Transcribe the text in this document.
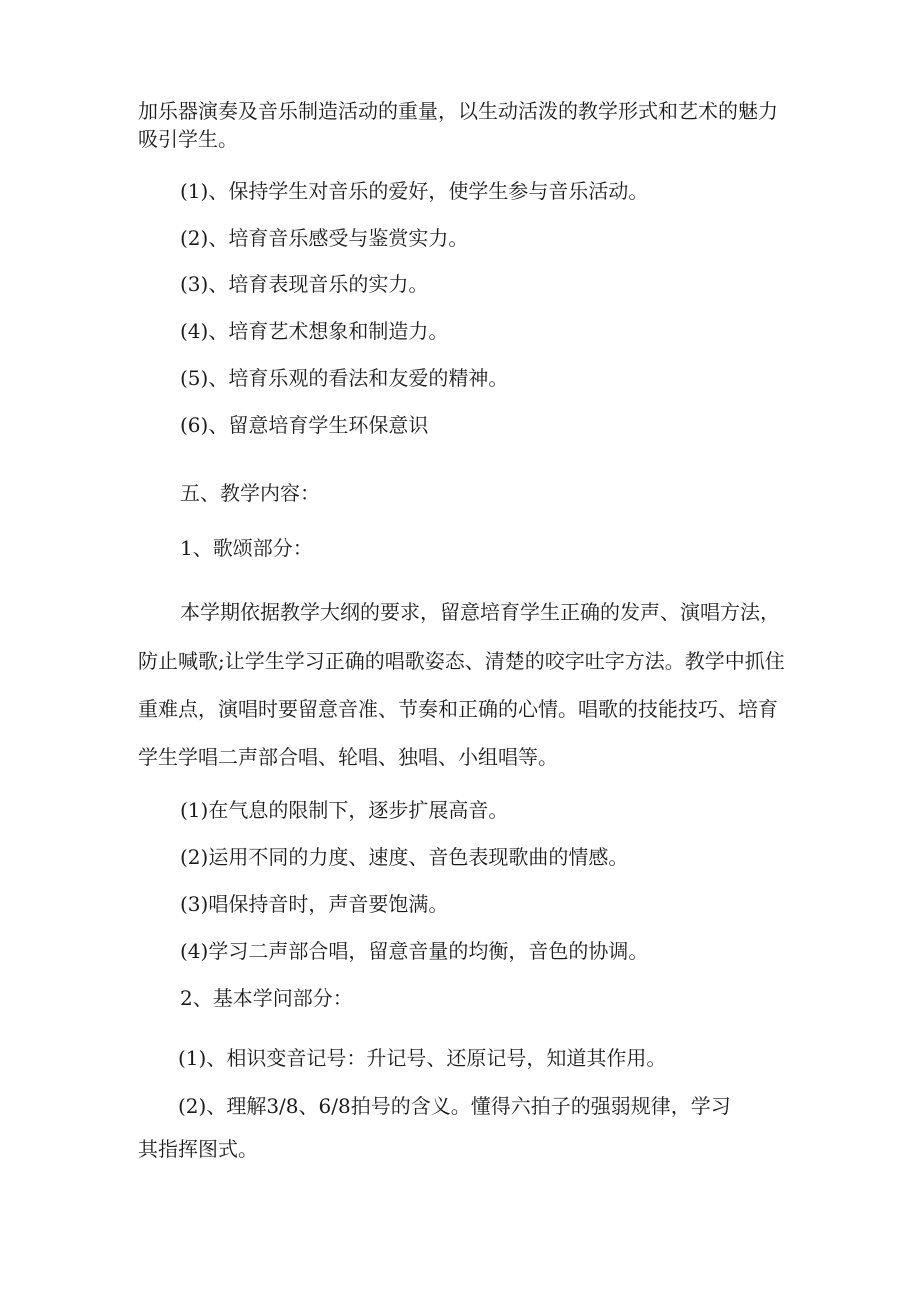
加乐器演奏及音乐制造活动的重量，以生动活泼的教学形式和艺术的魅力

吸引学生。

(1)、保持学生对音乐的爱好，使学生参与音乐活动。

(2)、培育音乐感受与鉴赏实力。

(3)、培育表现音乐的实力。

(4)、培育艺术想象和制造力。

(5)、培育乐观的看法和友爱的精神。

(6)、留意培育学生环保意识

五、教学内容：

1、歌颂部分：

本学期依据教学大纲的要求，留意培育学生正确的发声、演唱方法，

防止喊歌;让学生学习正确的唱歌姿态、清楚的咬字吐字方法。教学中抓住

重难点，演唱时要留意音准、节奏和正确的心情。唱歌的技能技巧、培育

学生学唱二声部合唱、轮唱、独唱、小组唱等。

(1)在气息的限制下，逐步扩展高音。

(2)运用不同的力度、速度、音色表现歌曲的情感。

(3)唱保持音时，声音要饱满。

(4)学习二声部合唱，留意音量的均衡，音色的协调。

2、基本学问部分：

(1)、相识变音记号：升记号、还原记号，知道其作用。

(2)、理解3/8、6/8拍号的含义。懂得六拍子的强弱规律，学习

其指挥图式。
